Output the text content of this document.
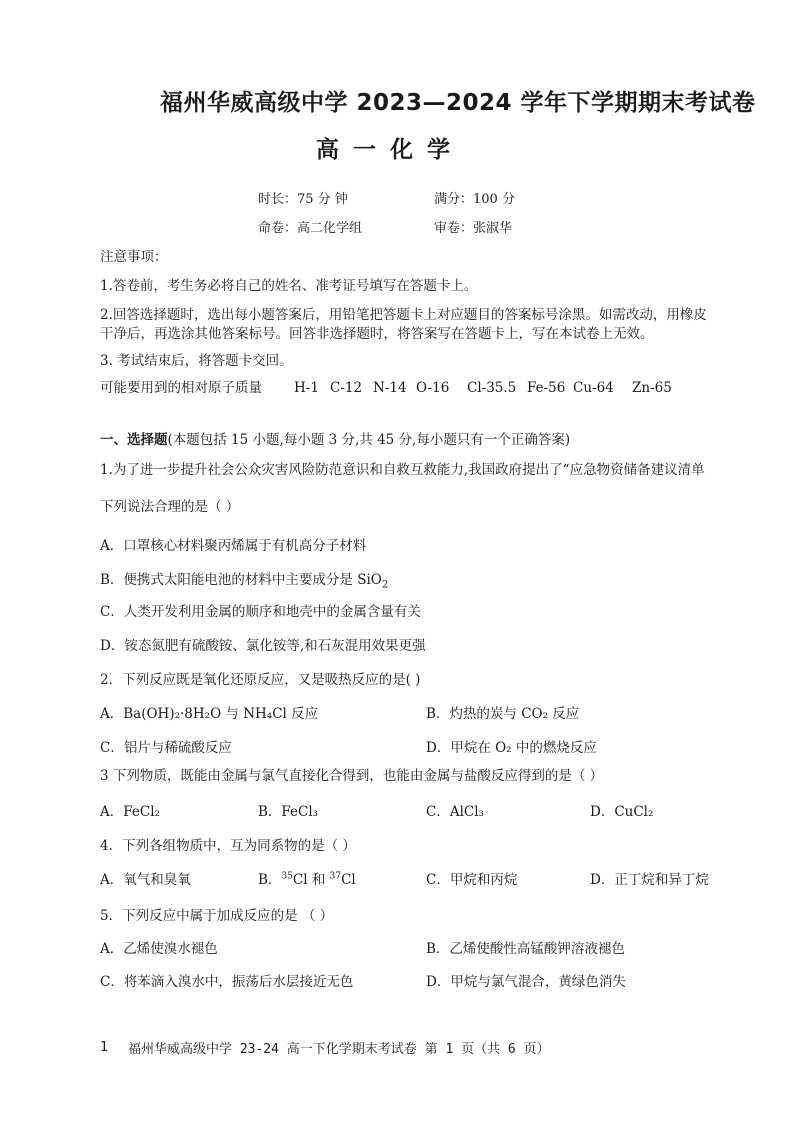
福州华威高级中学 2023—2024 学年下学期期末考试卷
高一化学
时长：75 分 钟	满分：100 分
命卷：高二化学组	审卷：张淑华
注意事项：
1.答卷前，考生务必将自己的姓名、准考证号填写在答题卡上。
2.回答选择题时，选出每小题答案后，用铅笔把答题卡上对应题目的答案标号涂黑。如需改动，用橡皮
干净后，再选涂其他答案标号。回答非选择题时，将答案写在答题卡上，写在本试卷上无效。
3. 考试结束后，将答题卡交回。
可能要用到的相对原子质量 H-1 C-12 N-14 O-16 Cl-35.5 Fe-56 Cu-64 Zn-65
一、选择题(本题包括 15 小题,每小题 3 分,共 45 分,每小题只有一个正确答案)
1.为了进一步提升社会公众灾害风险防范意识和自救互救能力,我国政府提出了“应急物资储备建议清单
下列说法合理的是（ ）
A．口罩核心材料聚丙烯属于有机高分子材料
B．便携式太阳能电池的材料中主要成分是 SiO$_2$
C．人类开发利用金属的顺序和地壳中的金属含量有关
D．铵态氮肥有硫酸铵、氯化铵等,和石灰混用效果更强
2．下列反应既是氧化还原反应，又是吸热反应的是( )
A．Ba(OH)₂·8H₂O 与 NH₄Cl 反应	B．灼热的炭与 CO₂ 反应
C．铝片与稀硫酸反应	D．甲烷在 O₂ 中的燃烧反应
3 下列物质，既能由金属与氯气直接化合得到，也能由金属与盐酸反应得到的是（ ）
A．FeCl₂	B．FeCl₃	C．AlCl₃	D．CuCl₂
4．下列各组物质中，互为同系物的是（ ）
A．氧气和臭氧	B．$^{35}$Cl 和 $^{37}$Cl	C．甲烷和丙烷	D．正丁烷和异丁烷
5．下列反应中属于加成反应的是 （ ）
A．乙烯使溴水褪色	B．乙烯使酸性高锰酸钾溶液褪色
C．将苯滴入溴水中，振荡后水层接近无色	D．甲烷与氯气混合，黄绿色消失
1 福州华威高级中学 23-24 高一下化学期末考试卷 第 1 页（共 6 页）
